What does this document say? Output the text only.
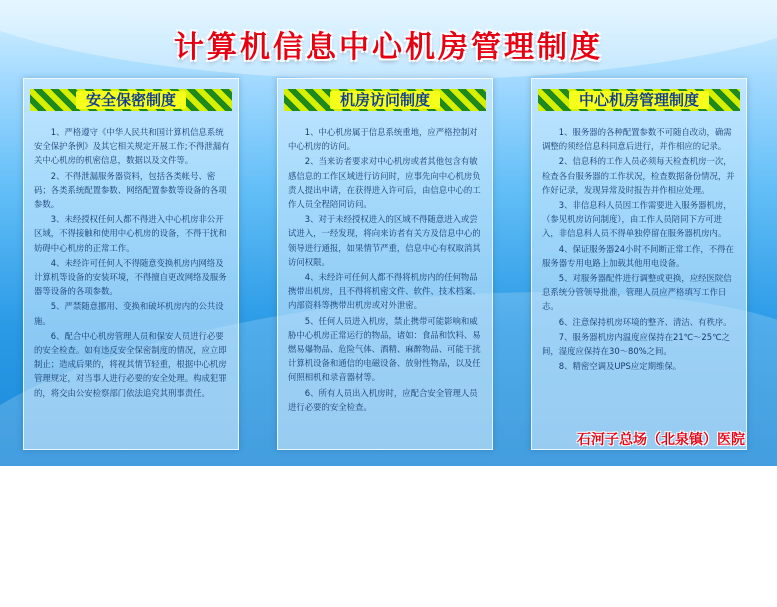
计算机信息中心机房管理制度
安全保密制度

1、严格遵守《中华人民共和国计算机信息系统安全保护条例》及其它相关规定开展工作;不得泄漏有关中心机房的机密信息，数据以及文件等。

2、不得泄漏服务器资料，包括各类帐号、密码；各类系统配置参数、网络配置参数等设备的各项参数。

3、未经授权任何人都不得进入中心机房非公开区域，不得接触和使用中心机房的设备，不得干扰和妨碍中心机房的正常工作。

4、未经许可任何人不得随意变换机房内网络及计算机等设备的安装环境，不得擅自更改网络及服务器等设备的各项参数。

5、严禁随意挪用、变换和破坏机房内的公共设施。

6、配合中心机房管理人员和保安人员进行必要的安全检查。如有违反安全保密制度的情况，应立即制止；造成后果的，将视其情节轻重，根据中心机房管理规定，对当事人进行必要的安全处理。构成犯罪的，将交由公安检察部门依法追究其刑事责任。

机房访问制度

1、中心机房属于信息系统重地，应严格控制对中心机房的访问。

2、当来访者要求对中心机房或者其他包含有敏感信息的工作区域进行访问时，应事先向中心机房负责人提出申请，在获得进入许可后，由信息中心的工作人员全程陪同访问。

3、对于未经授权进入的区域不得随意进入或尝试进入，一经发现，将向来访者有关方及信息中心的领导进行通报，如果情节严重，信息中心有权取消其访问权限。

4、未经许可任何人都不得将机房内的任何物品携带出机房，且不得将机密文件、软件、技术档案、内部资料等携带出机房或对外泄密。

5、任何人员进入机房，禁止携带可能影响和威胁中心机房正常运行的物品，诸如：食品和饮料、易燃易爆物品、危险气体、酒精、麻醉物品、可能干扰计算机设备和通信的电磁设备、放射性物品，以及任何照相机和录音器材等。

6、所有人员出入机房时，应配合安全管理人员进行必要的安全检查。

中心机房管理制度

1、服务器的各种配置参数不可随自改动，确需调整的须经信息科同意后进行，并作相应的记录。

2、信息科的工作人员必须每天检查机房一次，检查各台服务器的工作状况，检查数据备份情况，并作好记录，发现异常及时报告并作相应处理。

3、非信息科人员因工作需要进入服务器机房，（参见机房访问制度），由工作人员陪同下方可进入，非信息科人员不得单独停留在服务器机房内。

4、保证服务器24小时不间断正常工作，不得在服务器专用电路上加载其他用电设备。

5、对服务器配件进行调整或更换，应经医院信息系统分管领导批准，管理人员应严格填写工作日志。

6、注意保持机房环境的整齐、清洁、有秩序。

7、服务器机房内温度应保持在21℃～25℃之间，湿度应保持在30～80%之间。

8、精密空调及UPS应定期维保。

石河子总场（北泉镇）医院
